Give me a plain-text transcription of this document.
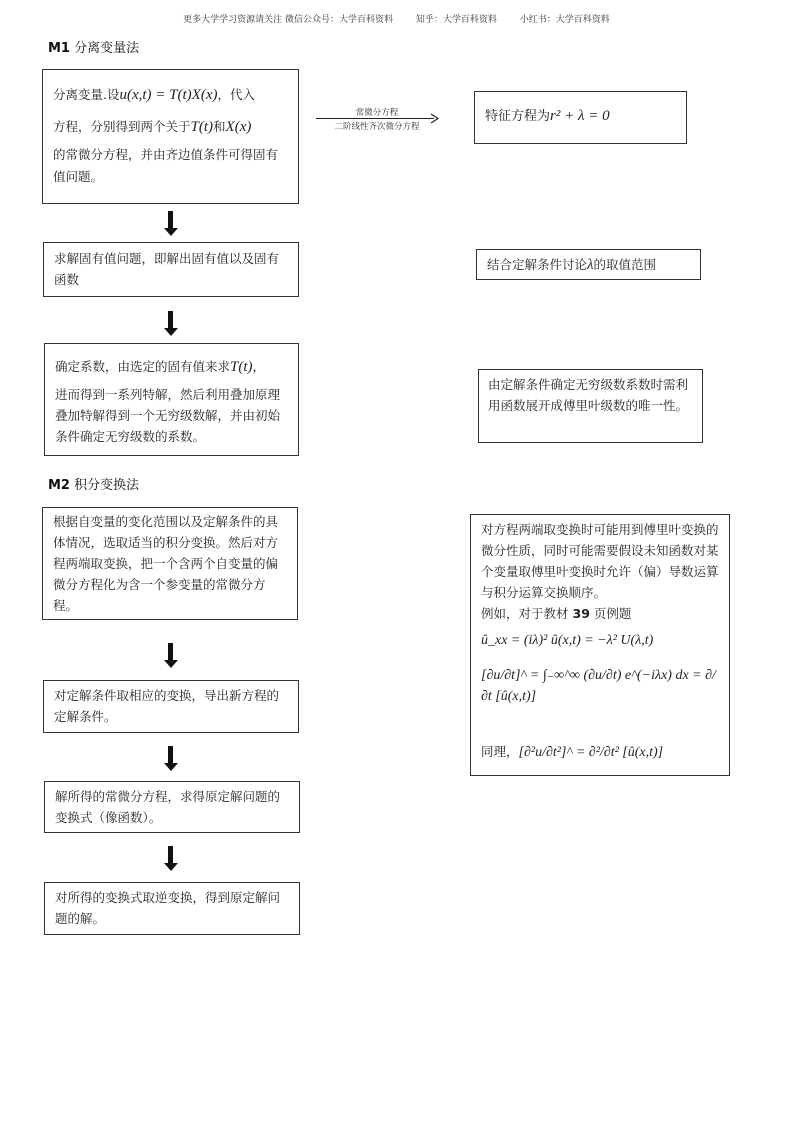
更多大学学习资源请关注 微信公众号：大学百科资料        知乎：大学百科资料        小红书：大学百科资料
M1 分离变量法
分离变量.设u(x,t) = T(t)X(x)，代入
方程，分别得到两个关于T(t)和X(x)
的常微分方程，并由齐边值条件可得固有值问题。
常微分方程
二阶线性齐次微分方程
特征方程为r² + λ = 0
求解固有值问题，即解出固有值以及固有函数
结合定解条件讨论λ的取值范围
确定系数，由选定的固有值来求T(t)，
进而得到一系列特解，然后利用叠加原理叠加特解得到一个无穷级数解，并由初始条件确定无穷级数的系数。
由定解条件确定无穷级数系数时需利用函数展开成傅里叶级数的唯一性。
M2 积分变换法
根据自变量的变化范围以及定解条件的具体情况，选取适当的积分变换。然后对方程两端取变换，把一个含两个自变量的偏微分方程化为含一个参变量的常微分方程。
对定解条件取相应的变换，导出新方程的定解条件。
解所得的常微分方程，求得原定解问题的变换式（像函数）。
对所得的变换式取逆变换，得到原定解问题的解。
对方程两端取变换时可能用到傅里叶变换的微分性质，同时可能需要假设未知函数对某个变量取傅里叶变换时允许（偏）导数运算与积分运算交换顺序。
例如，对于教材 39 页例题
û_xx = (iλ)² û(x,t) = −λ² U(λ,t)
[∂u/∂t]^ = ∫₋∞^∞ (∂u/∂t) e^(−iλx) dx = ∂/∂t [û(x,t)]
同理，[∂²u/∂t²]^ = ∂²/∂t² [û(x,t)]
